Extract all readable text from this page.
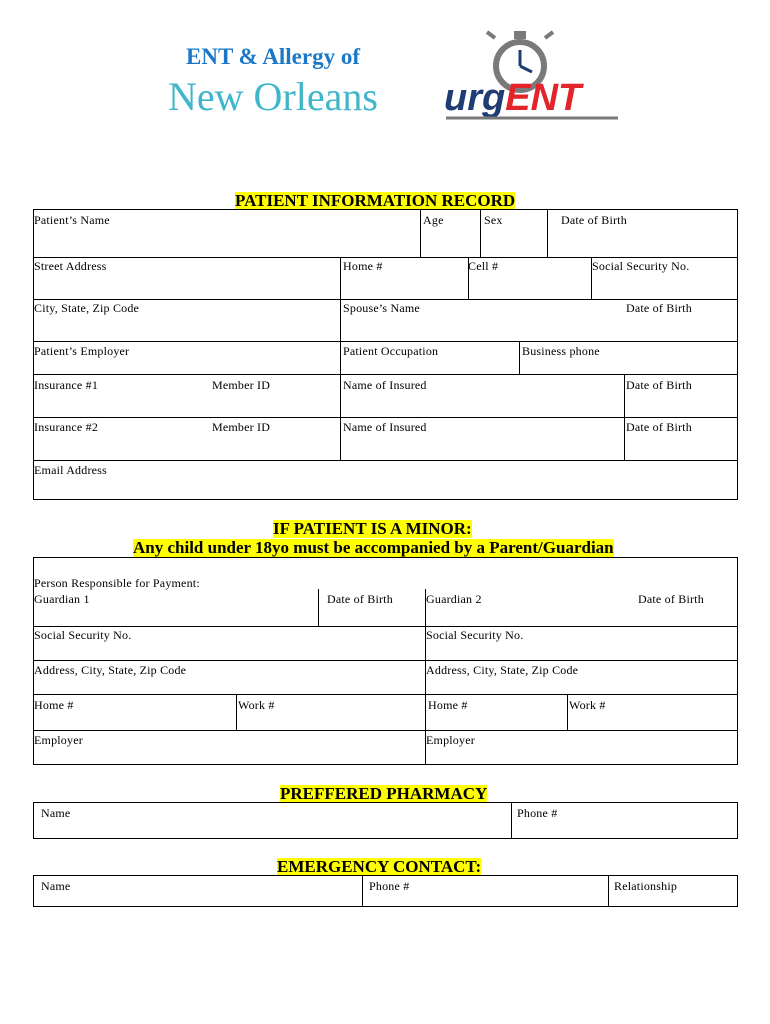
ENT & Allergy of
New Orleans urgENT
PATIENT INFORMATION RECORD
Patient’s Name	Age	Sex	Date of Birth
Street Address	Home #	Cell #	Social Security No.
City, State, Zip Code	Spouse’s Name	Date of Birth
Patient’s Employer	Patient Occupation	Business phone
Insurance #1	Member ID	Name of Insured	Date of Birth
Insurance #2	Member ID	Name of Insured	Date of Birth
Email Address
IF PATIENT IS A MINOR:
Any child under 18yo must be accompanied by a Parent/Guardian
Person Responsible for Payment:
Guardian 1	Date of Birth	Guardian 2	Date of Birth
Social Security No.	Social Security No.
Address, City, State, Zip Code	Address, City, State, Zip Code
Home #	Work #	Home #	Work #
Employer	Employer
PREFFERED PHARMACY
Name	Phone #
EMERGENCY CONTACT:
Name	Phone #	Relationship
